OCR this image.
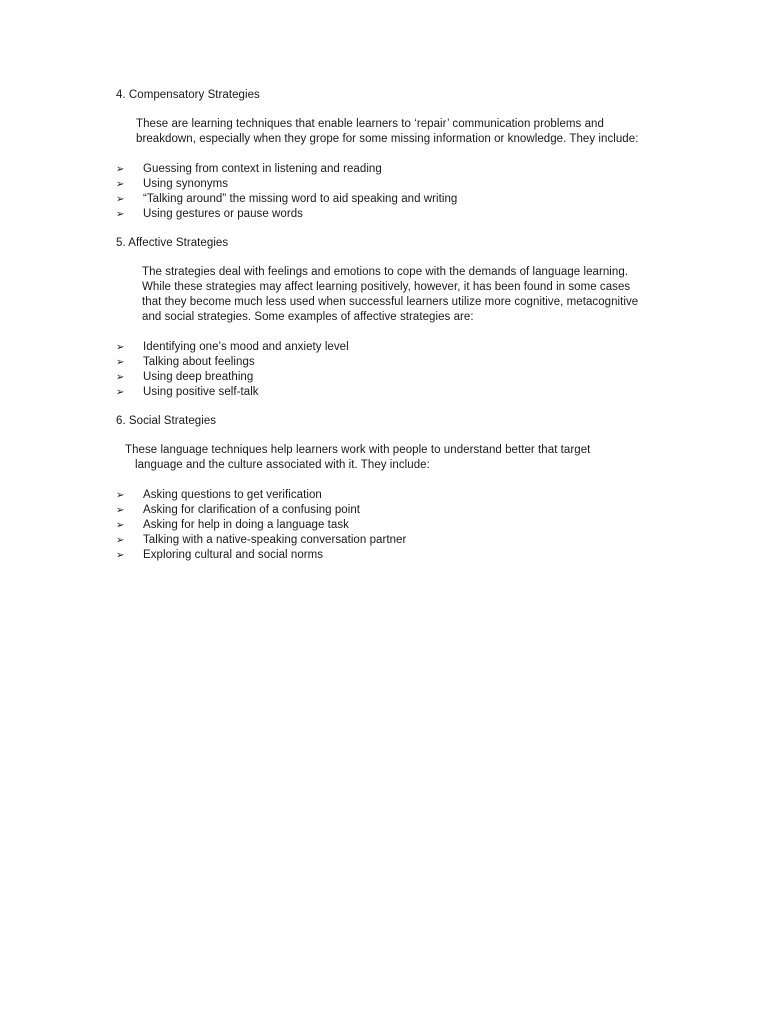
4. Compensatory Strategies
These are learning techniques that enable learners to ‘repair’ communication problems and
breakdown, especially when they grope for some missing information or knowledge. They include:
➢ Guessing from context in listening and reading
➢ Using synonyms
➢ “Talking around” the missing word to aid speaking and writing
➢ Using gestures or pause words
5. Affective Strategies
The strategies deal with feelings and emotions to cope with the demands of language learning.
While these strategies may affect learning positively, however, it has been found in some cases
that they become much less used when successful learners utilize more cognitive, metacognitive
and social strategies. Some examples of affective strategies are:
➢ Identifying one’s mood and anxiety level
➢ Talking about feelings
➢ Using deep breathing
➢ Using positive self-talk
6. Social Strategies
These language techniques help learners work with people to understand better that target
language and the culture associated with it. They include:
➢ Asking questions to get verification
➢ Asking for clarification of a confusing point
➢ Asking for help in doing a language task
➢ Talking with a native-speaking conversation partner
➢ Exploring cultural and social norms
